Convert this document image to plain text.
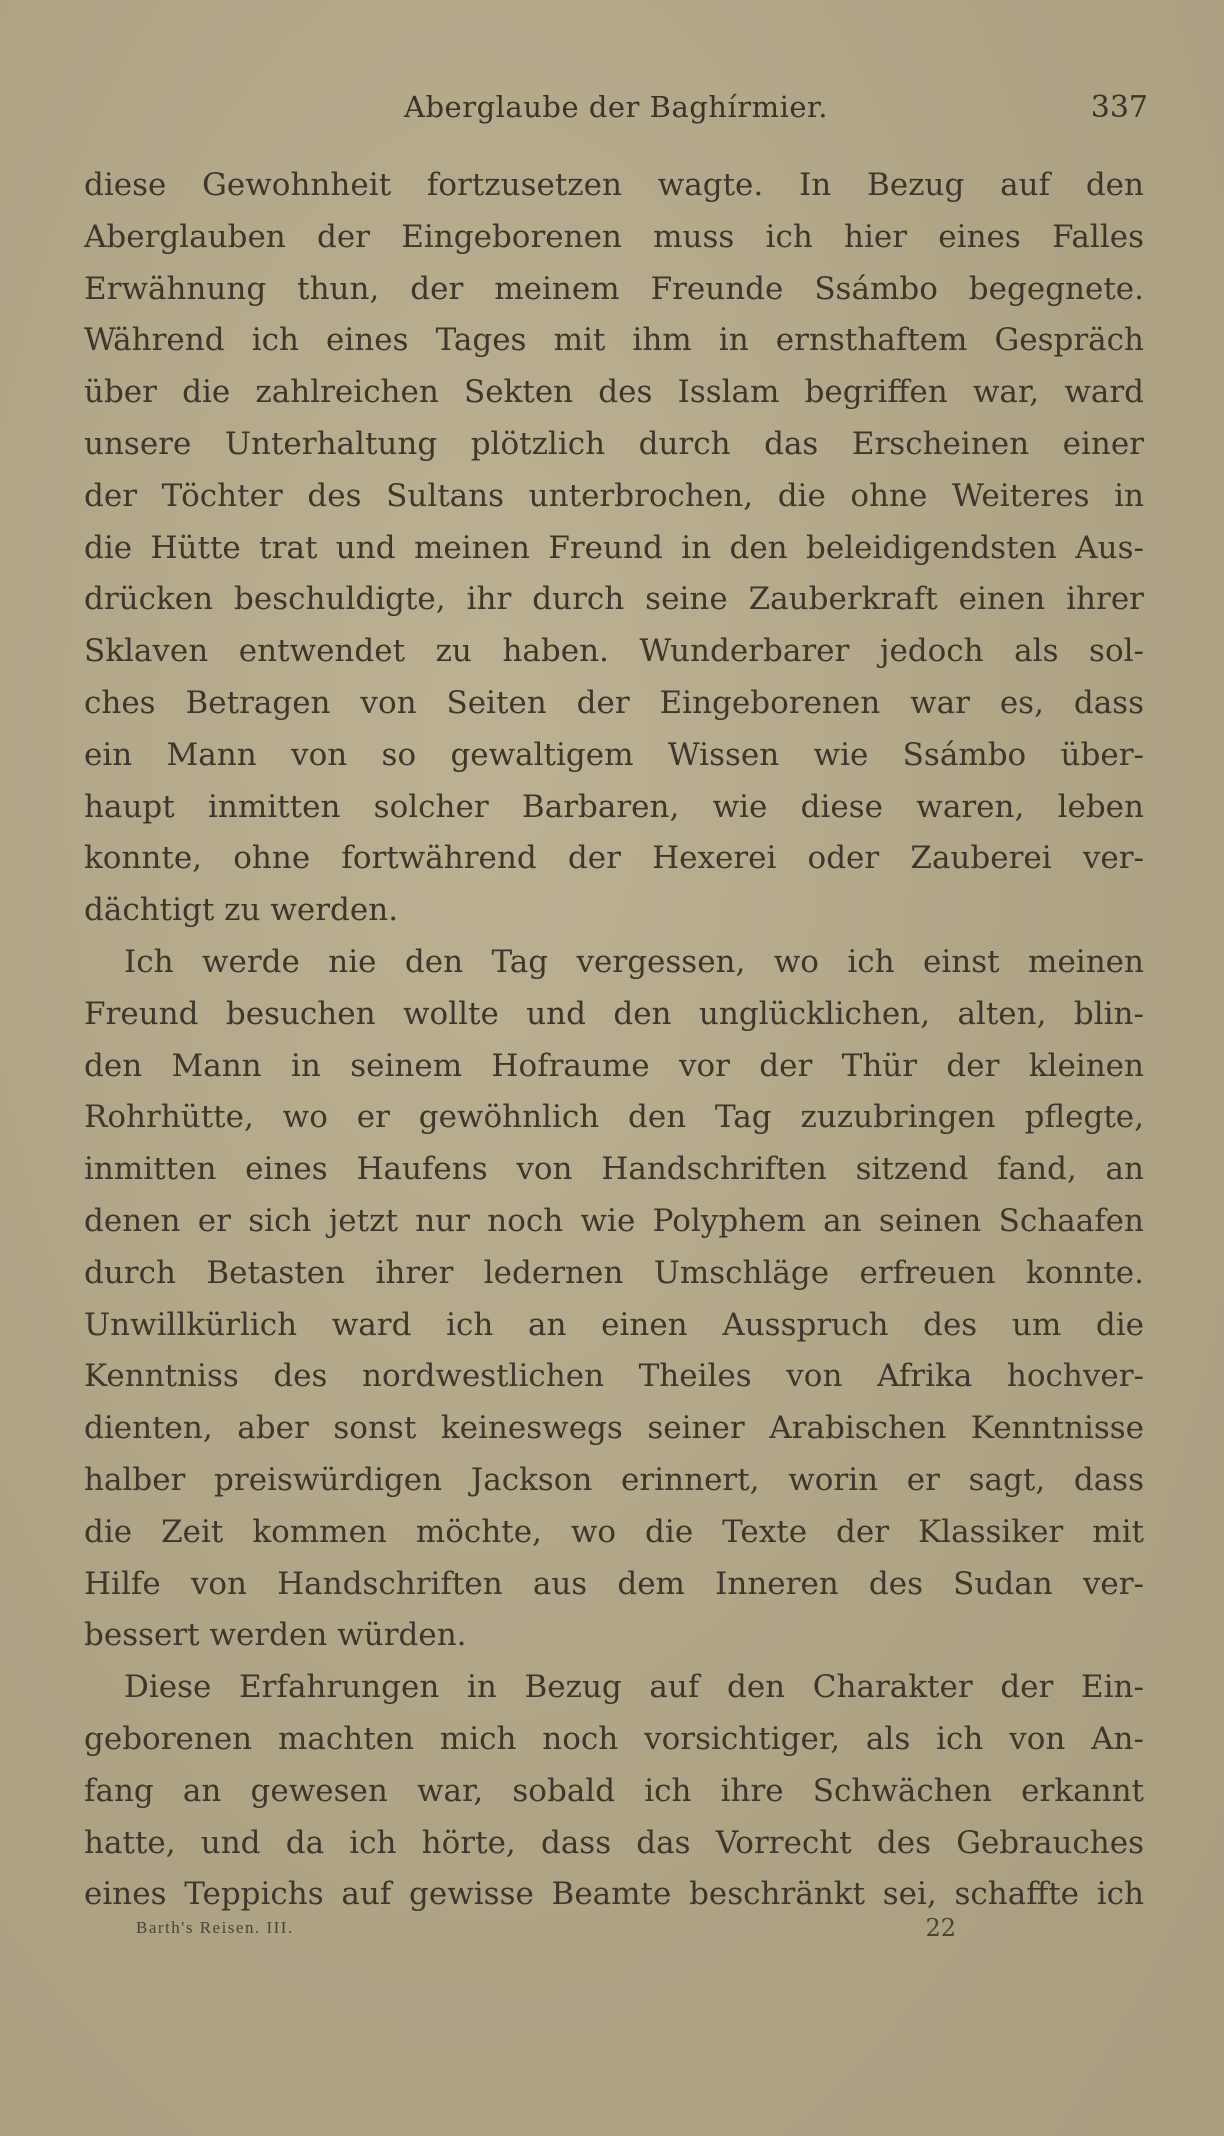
Aberglaube der Baghírmier.	337
diese Gewohnheit fortzusetzen wagte. In Bezug auf den
Aberglauben der Eingeborenen muss ich hier eines Falles
Erwähnung thun, der meinem Freunde Ssámbo begegnete.
Während ich eines Tages mit ihm in ernsthaftem Gespräch
über die zahlreichen Sekten des Isslam begriffen war, ward
unsere Unterhaltung plötzlich durch das Erscheinen einer
der Töchter des Sultans unterbrochen, die ohne Weiteres in
die Hütte trat und meinen Freund in den beleidigendsten Aus-
drücken beschuldigte, ihr durch seine Zauberkraft einen ihrer
Sklaven entwendet zu haben. Wunderbarer jedoch als sol-
ches Betragen von Seiten der Eingeborenen war es, dass
ein Mann von so gewaltigem Wissen wie Ssámbo über-
haupt inmitten solcher Barbaren, wie diese waren, leben
konnte, ohne fortwährend der Hexerei oder Zauberei ver-
dächtigt zu werden.
Ich werde nie den Tag vergessen, wo ich einst meinen
Freund besuchen wollte und den unglücklichen, alten, blin-
den Mann in seinem Hofraume vor der Thür der kleinen
Rohrhütte, wo er gewöhnlich den Tag zuzubringen pflegte,
inmitten eines Haufens von Handschriften sitzend fand, an
denen er sich jetzt nur noch wie Polyphem an seinen Schaafen
durch Betasten ihrer ledernen Umschläge erfreuen konnte.
Unwillkürlich ward ich an einen Ausspruch des um die
Kenntniss des nordwestlichen Theiles von Afrika hochver-
dienten, aber sonst keineswegs seiner Arabischen Kenntnisse
halber preiswürdigen Jackson erinnert, worin er sagt, dass
die Zeit kommen möchte, wo die Texte der Klassiker mit
Hilfe von Handschriften aus dem Inneren des Sudan ver-
bessert werden würden.
Diese Erfahrungen in Bezug auf den Charakter der Ein-
geborenen machten mich noch vorsichtiger, als ich von An-
fang an gewesen war, sobald ich ihre Schwächen erkannt
hatte, und da ich hörte, dass das Vorrecht des Gebrauches
eines Teppichs auf gewisse Beamte beschränkt sei, schaffte ich
Barth's Reisen. III.	22
